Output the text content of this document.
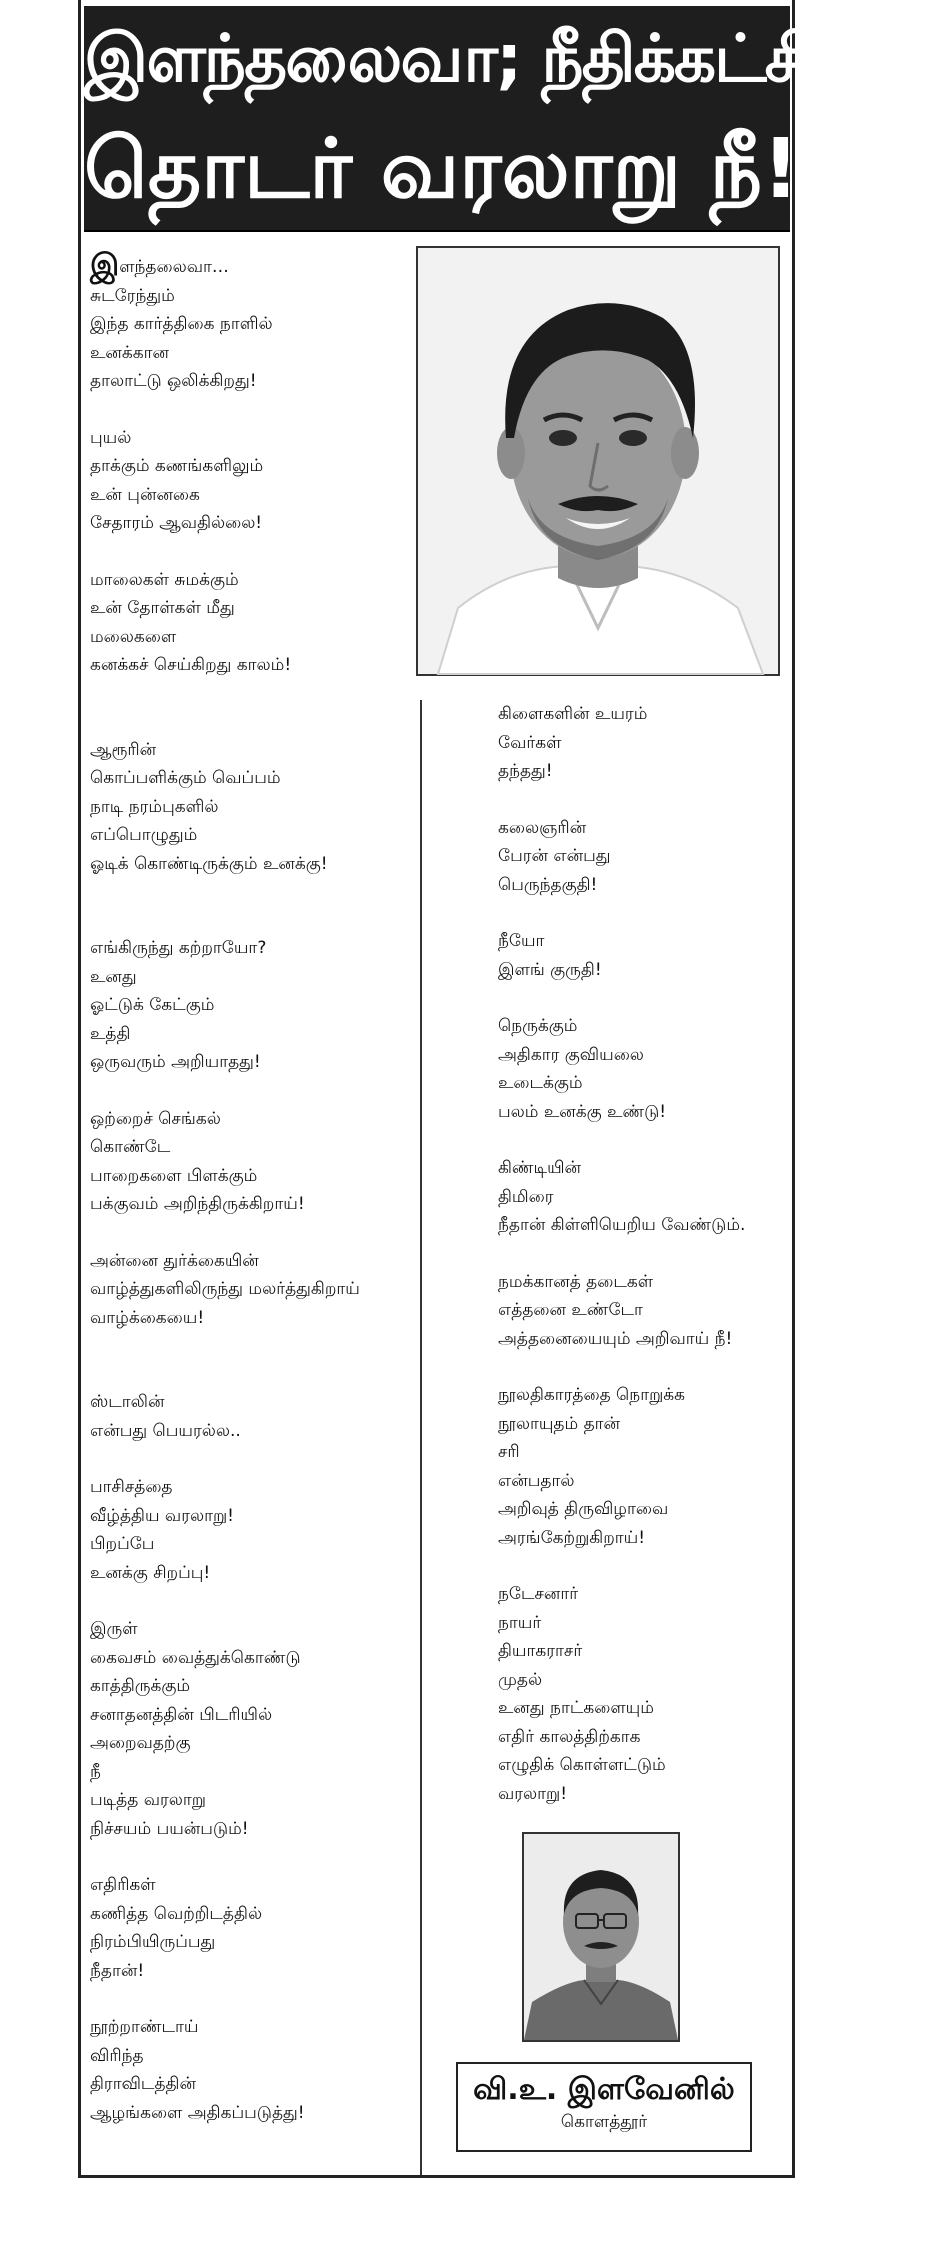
இளந்தலைவா; நீதிக்கட்சியின்
தொடர் வரலாறு நீ!
இளந்தலைவா…
சுடரேந்தும்
இந்த கார்த்திகை நாளில்
உனக்கான
தாலாட்டு ஒலிக்கிறது!
புயல்
தாக்கும் கணங்களிலும்
உன் புன்னகை
சேதாரம் ஆவதில்லை!
மாலைகள் சுமக்கும்
உன் தோள்கள் மீது
மலைகளை
கனக்கச் செய்கிறது காலம்!
ஆரூரின்
கொப்பளிக்கும் வெப்பம்
நாடி நரம்புகளில்
எப்பொழுதும்
ஓடிக் கொண்டிருக்கும் உனக்கு!
எங்கிருந்து கற்றாயோ?
உனது
ஓட்டுக் கேட்கும்
உத்தி
ஒருவரும் அறியாதது!
ஒற்றைச் செங்கல்
கொண்டே
பாறைகளை பிளக்கும்
பக்குவம் அறிந்திருக்கிறாய்!
அன்னை துர்க்கையின்
வாழ்த்துகளிலிருந்து மலர்த்துகிறாய்
வாழ்க்கையை!
ஸ்டாலின்
என்பது பெயரல்ல..
பாசிசத்தை
வீழ்த்திய வரலாறு!
பிறப்பே
உனக்கு சிறப்பு!
இருள்
கைவசம் வைத்துக்கொண்டு
காத்திருக்கும்
சனாதனத்தின் பிடரியில்
அறைவதற்கு
நீ
படித்த வரலாறு
நிச்சயம் பயன்படும்!
எதிரிகள்
கணித்த வெற்றிடத்தில்
நிரம்பியிருப்பது
நீதான்!
நூற்றாண்டாய்
விரிந்த
திராவிடத்தின்
ஆழங்களை அதிகப்படுத்து!
கிளைகளின் உயரம்
வேர்கள்
தந்தது!
கலைஞரின்
பேரன் என்பது
பெருந்தகுதி!
நீயோ
இளங் குருதி!
நெருக்கும்
அதிகார குவியலை
உடைக்கும்
பலம் உனக்கு உண்டு!
கிண்டியின்
திமிரை
நீதான் கிள்ளியெறிய வேண்டும்.
நமக்கானத் தடைகள்
எத்தனை உண்டோ
அத்தனையையும் அறிவாய் நீ!
நூலதிகாரத்தை நொறுக்க
நூலாயுதம் தான்
சரி
என்பதால்
அறிவுத் திருவிழாவை
அரங்கேற்றுகிறாய்!
நடேசனார்
நாயர்
தியாகராசர்
முதல்
உனது நாட்களையும்
எதிர் காலத்திற்காக
எழுதிக் கொள்ளட்டும்
வரலாறு!
வி.உ. இளவேனில்
கொளத்தூர்
